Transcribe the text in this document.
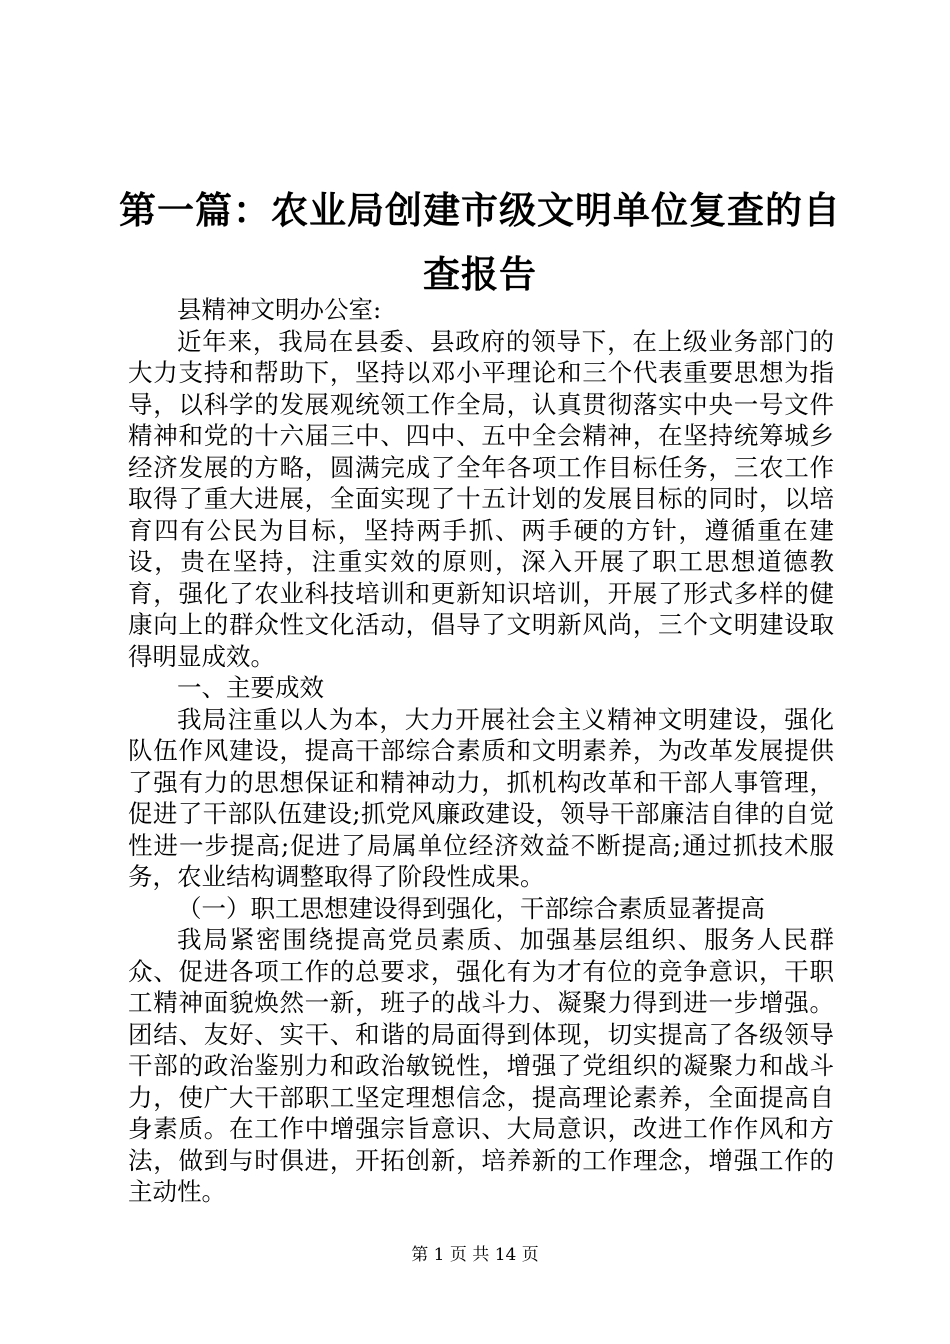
第一篇：农业局创建市级文明单位复查的自查报告

县精神文明办公室:

近年来，我局在县委、县政府的领导下，在上级业务部门的大力支持和帮助下，坚持以邓小平理论和三个代表重要思想为指导，以科学的发展观统领工作全局，认真贯彻落实中央一号文件精神和党的十六届三中、四中、五中全会精神，在坚持统筹城乡经济发展的方略，圆满完成了全年各项工作目标任务，三农工作取得了重大进展，全面实现了十五计划的发展目标的同时，以培育四有公民为目标，坚持两手抓、两手硬的方针，遵循重在建设，贵在坚持，注重实效的原则，深入开展了职工思想道德教育，强化了农业科技培训和更新知识培训，开展了形式多样的健康向上的群众性文化活动，倡导了文明新风尚，三个文明建设取得明显成效。

一、主要成效

我局注重以人为本，大力开展社会主义精神文明建设，强化队伍作风建设，提高干部综合素质和文明素养，为改革发展提供了强有力的思想保证和精神动力，抓机构改革和干部人事管理，促进了干部队伍建设;抓党风廉政建设，领导干部廉洁自律的自觉性进一步提高;促进了局属单位经济效益不断提高;通过抓技术服务，农业结构调整取得了阶段性成果。

（一）职工思想建设得到强化，干部综合素质显著提高

我局紧密围绕提高党员素质、加强基层组织、服务人民群众、促进各项工作的总要求，强化有为才有位的竞争意识，干职工精神面貌焕然一新，班子的战斗力、凝聚力得到进一步增强。团结、友好、实干、和谐的局面得到体现，切实提高了各级领导干部的政治鉴别力和政治敏锐性，增强了党组织的凝聚力和战斗力，使广大干部职工坚定理想信念，提高理论素养，全面提高自身素质。在工作中增强宗旨意识、大局意识，改进工作作风和方法，做到与时俱进，开拓创新，培养新的工作理念，增强工作的主动性。

第 1 页 共 14 页
